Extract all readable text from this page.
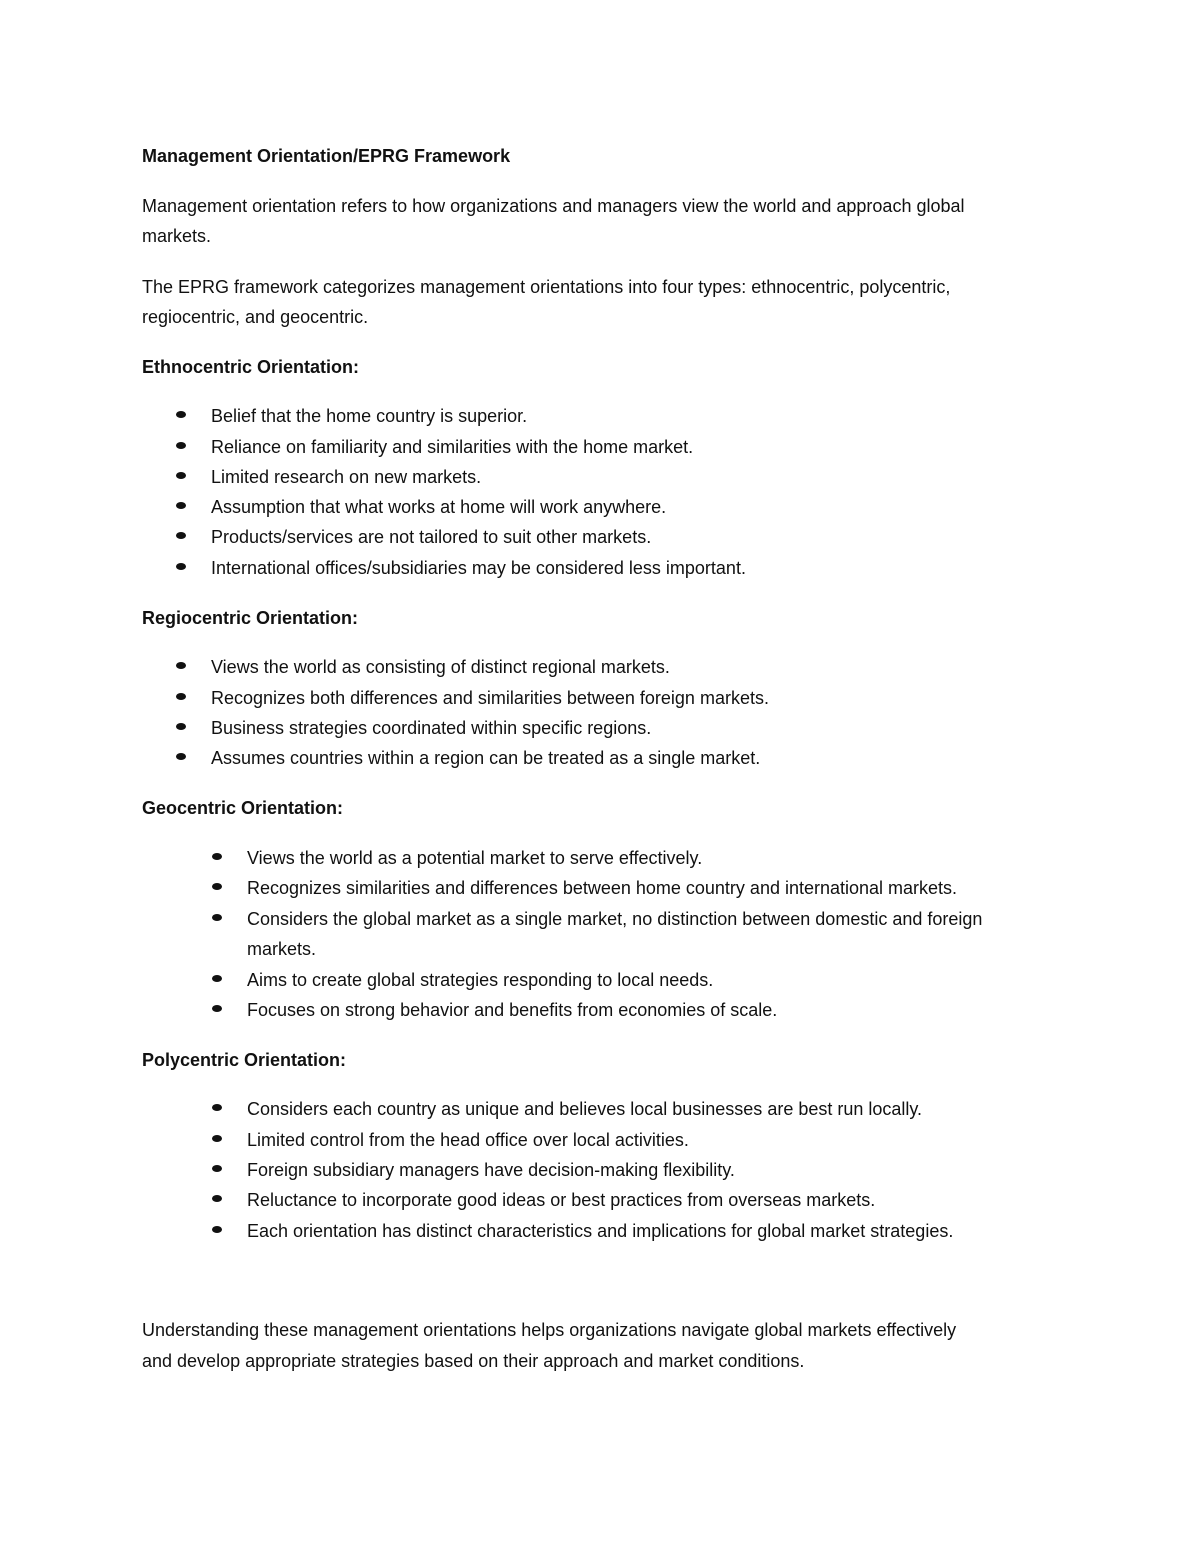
Management Orientation/EPRG Framework
Management orientation refers to how organizations and managers view the world and approach global
markets.
The EPRG framework categorizes management orientations into four types: ethnocentric, polycentric,
regiocentric, and geocentric.
Ethnocentric Orientation:
Belief that the home country is superior.
Reliance on familiarity and similarities with the home market.
Limited research on new markets.
Assumption that what works at home will work anywhere.
Products/services are not tailored to suit other markets.
International offices/subsidiaries may be considered less important.
Regiocentric Orientation:
Views the world as consisting of distinct regional markets.
Recognizes both differences and similarities between foreign markets.
Business strategies coordinated within specific regions.
Assumes countries within a region can be treated as a single market.
Geocentric Orientation:
Views the world as a potential market to serve effectively.
Recognizes similarities and differences between home country and international markets.
Considers the global market as a single market, no distinction between domestic and foreign
markets.
Aims to create global strategies responding to local needs.
Focuses on strong behavior and benefits from economies of scale.
Polycentric Orientation:
Considers each country as unique and believes local businesses are best run locally.
Limited control from the head office over local activities.
Foreign subsidiary managers have decision-making flexibility.
Reluctance to incorporate good ideas or best practices from overseas markets.
Each orientation has distinct characteristics and implications for global market strategies.
Understanding these management orientations helps organizations navigate global markets effectively
and develop appropriate strategies based on their approach and market conditions.
